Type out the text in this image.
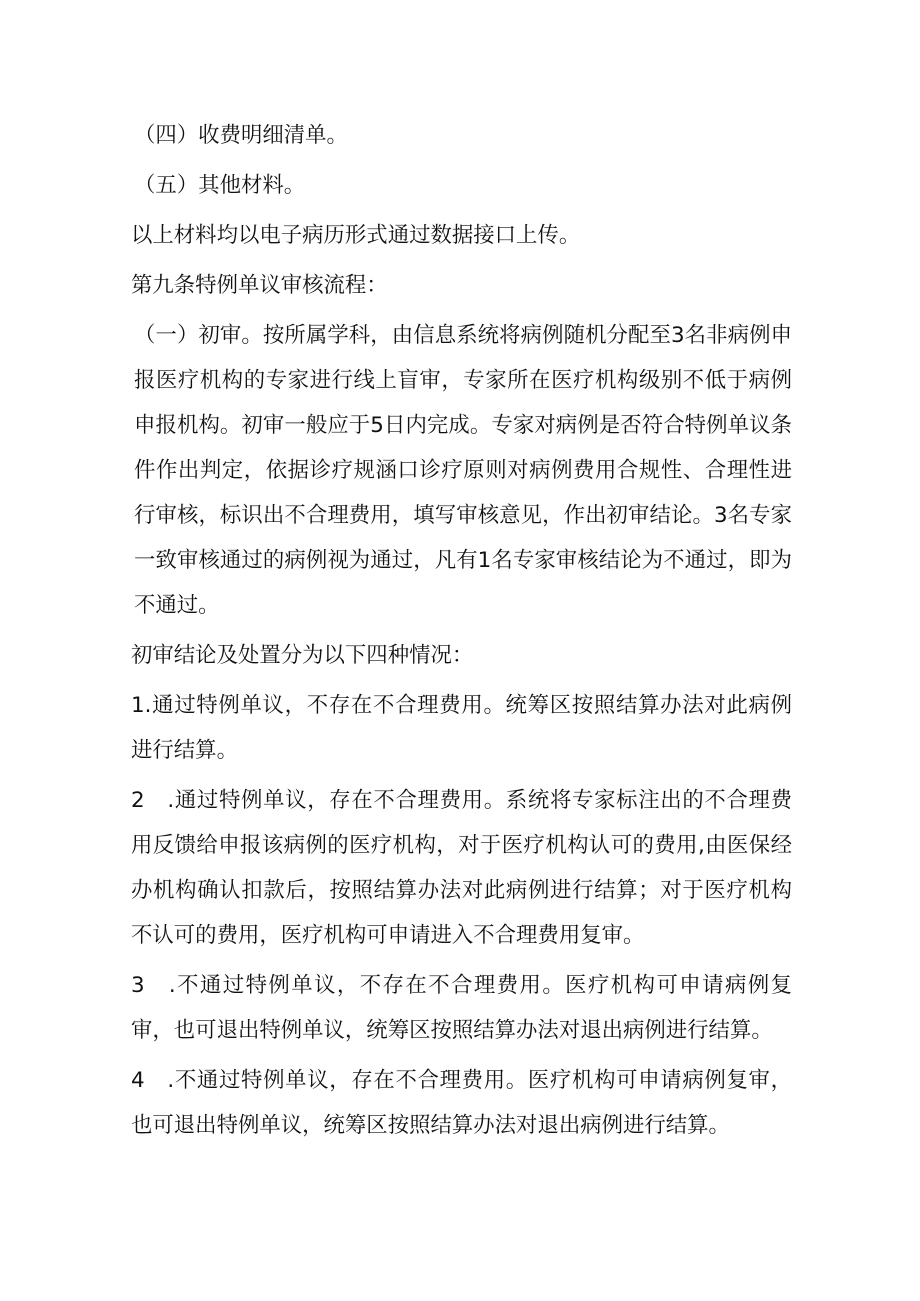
（四）收费明细清单。

（五）其他材料。

以上材料均以电子病历形式通过数据接口上传。

第九条特例单议审核流程：

（一）初审。按所属学科，由信息系统将病例随机分配至3名非病例申报医疗机构的专家进行线上盲审，专家所在医疗机构级别不低于病例申报机构。初审一般应于5日内完成。专家对病例是否符合特例单议条件作出判定，依据诊疗规涵口诊疗原则对病例费用合规性、合理性进行审核，标识出不合理费用，填写审核意见，作出初审结论。3名专家一致审核通过的病例视为通过，凡有1名专家审核结论为不通过，即为不通过。

初审结论及处置分为以下四种情况：

1.通过特例单议，不存在不合理费用。统筹区按照结算办法对此病例进行结算。

2　.通过特例单议，存在不合理费用。系统将专家标注出的不合理费用反馈给申报该病例的医疗机构，对于医疗机构认可的费用,由医保经办机构确认扣款后，按照结算办法对此病例进行结算；对于医疗机构不认可的费用，医疗机构可申请进入不合理费用复审。

3　.不通过特例单议，不存在不合理费用。医疗机构可申请病例复审，也可退出特例单议，统筹区按照结算办法对退出病例进行结算。

4　.不通过特例单议，存在不合理费用。医疗机构可申请病例复审，也可退出特例单议，统筹区按照结算办法对退出病例进行结算。
